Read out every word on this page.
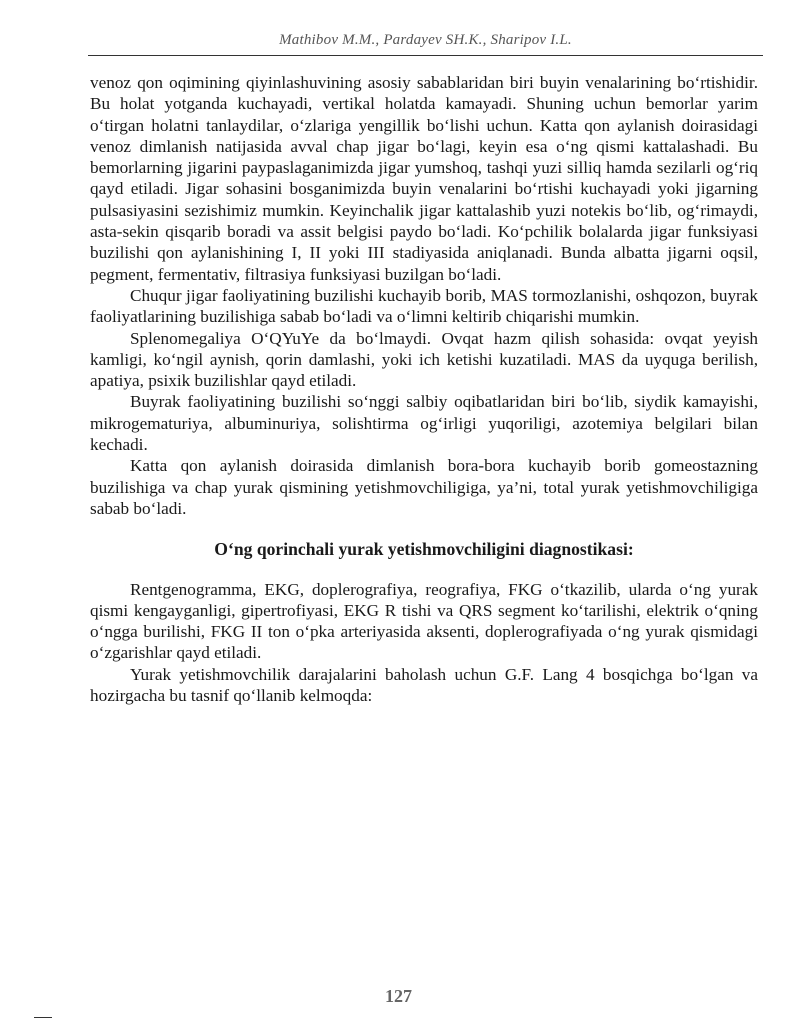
Mathibov M.M., Pardayev SH.K., Sharipov I.L.

venoz qon oqimining qiyinlashuvining asosiy sabablaridan biri buyin venalarining bo‘rtishidir. Bu holat yotganda kuchayadi, vertikal holatda kamayadi. Shuning uchun bemorlar yarim o‘tirgan holatni tanlaydilar, o‘zlariga yengillik bo‘lishi uchun. Katta qon aylanish doirasidagi venoz dimlanish natijasida avval chap jigar bo‘lagi, keyin esa o‘ng qismi kattalashadi. Bu bemorlarning jigarini paypaslaganimizda jigar yumshoq, tashqi yuzi silliq hamda sezilarli og‘riq qayd etiladi. Jigar sohasini bosganimizda buyin venalarini bo‘rtishi kuchayadi yoki jigarning pulsasiyasini sezishimiz mumkin. Keyinchalik jigar kattalashib yuzi notekis bo‘lib, og‘rimaydi, asta-sekin qisqarib boradi va assit belgisi paydo bo‘ladi. Ko‘pchilik bolalarda jigar funksiyasi buzilishi qon aylanishining I, II yoki III stadiyasida aniqlanadi. Bunda albatta jigarni oqsil, pegment, fermentativ, filtrasiya funksiyasi buzilgan bo‘ladi.

Chuqur jigar faoliyatining buzilishi kuchayib borib, MAS tormozlanishi, oshqozon, buyrak faoliyatlarining buzilishiga sabab bo‘ladi va o‘limni keltirib chiqarishi mumkin.

Splenomegaliya O‘QYuYe da bo‘lmaydi. Ovqat hazm qilish sohasida: ovqat yeyish kamligi, ko‘ngil aynish, qorin damlashi, yoki ich ketishi kuzatiladi. MAS da uyquga berilish, apatiya, psixik buzilishlar qayd etiladi.

Buyrak faoliyatining buzilishi so‘nggi salbiy oqibatlaridan biri bo‘lib, siydik kamayishi, mikrogematuriya, albuminuriya, solishtirma og‘irligi yuqoriligi, azotemiya belgilari bilan kechadi.

Katta qon aylanish doirasida dimlanish bora-bora kuchayib borib gomeostazning buzilishiga va chap yurak qismining yetishmovchiligiga, ya’ni, total yurak yetishmovchiligiga sabab bo‘ladi.

O‘ng qorinchali yurak yetishmovchiligini diagnostikasi:

Rentgenogramma, EKG, doplerografiya, reografiya, FKG o‘tkazilib, ularda o‘ng yurak qismi kengayganligi, gipertrofiyasi, EKG R tishi va QRS segment ko‘tarilishi, elektrik o‘qning o‘ngga burilishi, FKG II ton o‘pka arteriyasida aksenti, doplerografiyada o‘ng yurak qismidagi o‘zgarishlar qayd etiladi.

Yurak yetishmovchilik darajalarini baholash uchun G.F. Lang 4 bosqichga bo‘lgan va hozirgacha bu tasnif qo‘llanib kelmoqda:

127
